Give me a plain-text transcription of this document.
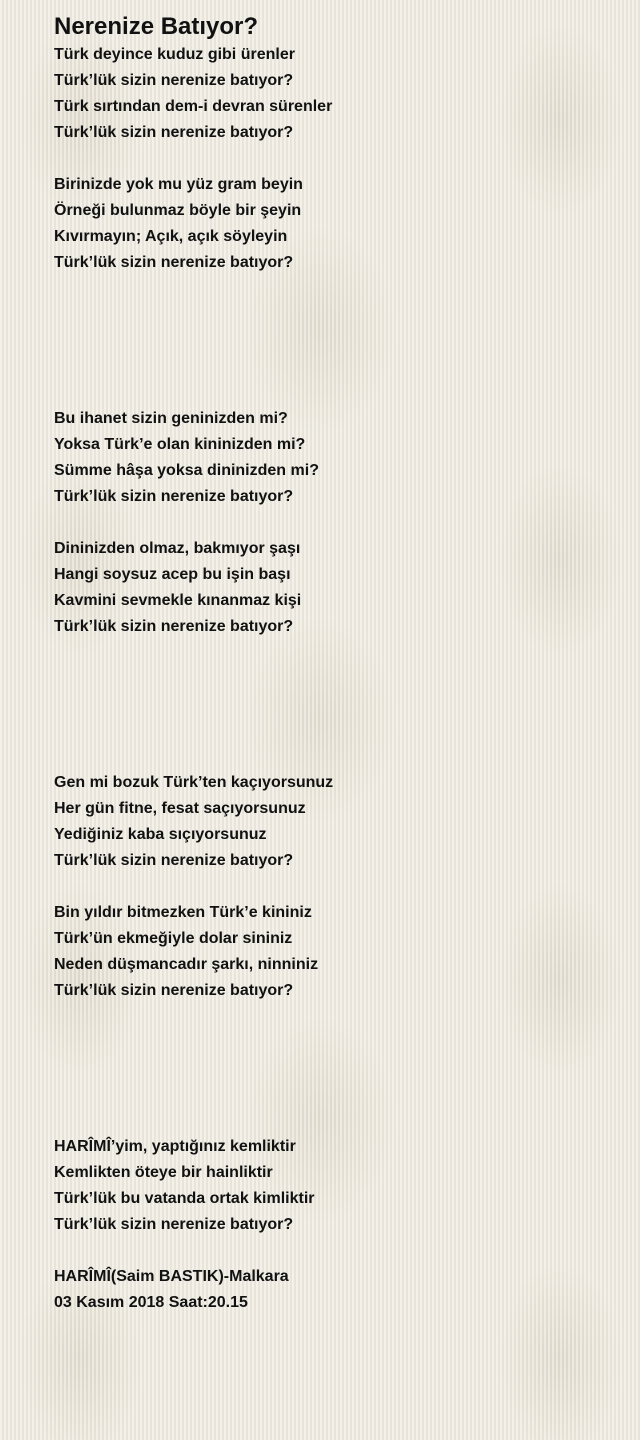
Nerenize Batıyor?
Türk deyince kuduz gibi ürenler
Türk’lük sizin nerenize batıyor?
Türk sırtından dem-i devran sürenler
Türk’lük sizin nerenize batıyor?
Birinizde yok mu yüz gram beyin
Örneği bulunmaz böyle bir şeyin
Kıvırmayın; Açık, açık söyleyin
Türk’lük sizin nerenize batıyor?
Bu ihanet sizin geninizden mi?
Yoksa Türk’e olan kininizden mi?
Sümme hâşa yoksa dininizden mi?
Türk’lük sizin nerenize batıyor?
Dininizden olmaz, bakmıyor şaşı
Hangi soysuz acep bu işin başı
Kavmini sevmekle kınanmaz kişi
Türk’lük sizin nerenize batıyor?
Gen mi bozuk Türk’ten kaçıyorsunuz
Her gün fitne, fesat saçıyorsunuz
Yediğiniz kaba sıçıyorsunuz
Türk’lük sizin nerenize batıyor?
Bin yıldır bitmezken Türk’e kininiz
Türk’ün ekmeğiyle dolar sininiz
Neden düşmancadır şarkı, ninniniz
Türk’lük sizin nerenize batıyor?
HARÎMÎ’yim, yaptığınız kemliktir
Kemlikten öteye bir hainliktir
Türk’lük bu vatanda ortak kimliktir
Türk’lük sizin nerenize batıyor?
HARÎMÎ(Saim BASTIK)-Malkara
03 Kasım 2018 Saat:20.15
